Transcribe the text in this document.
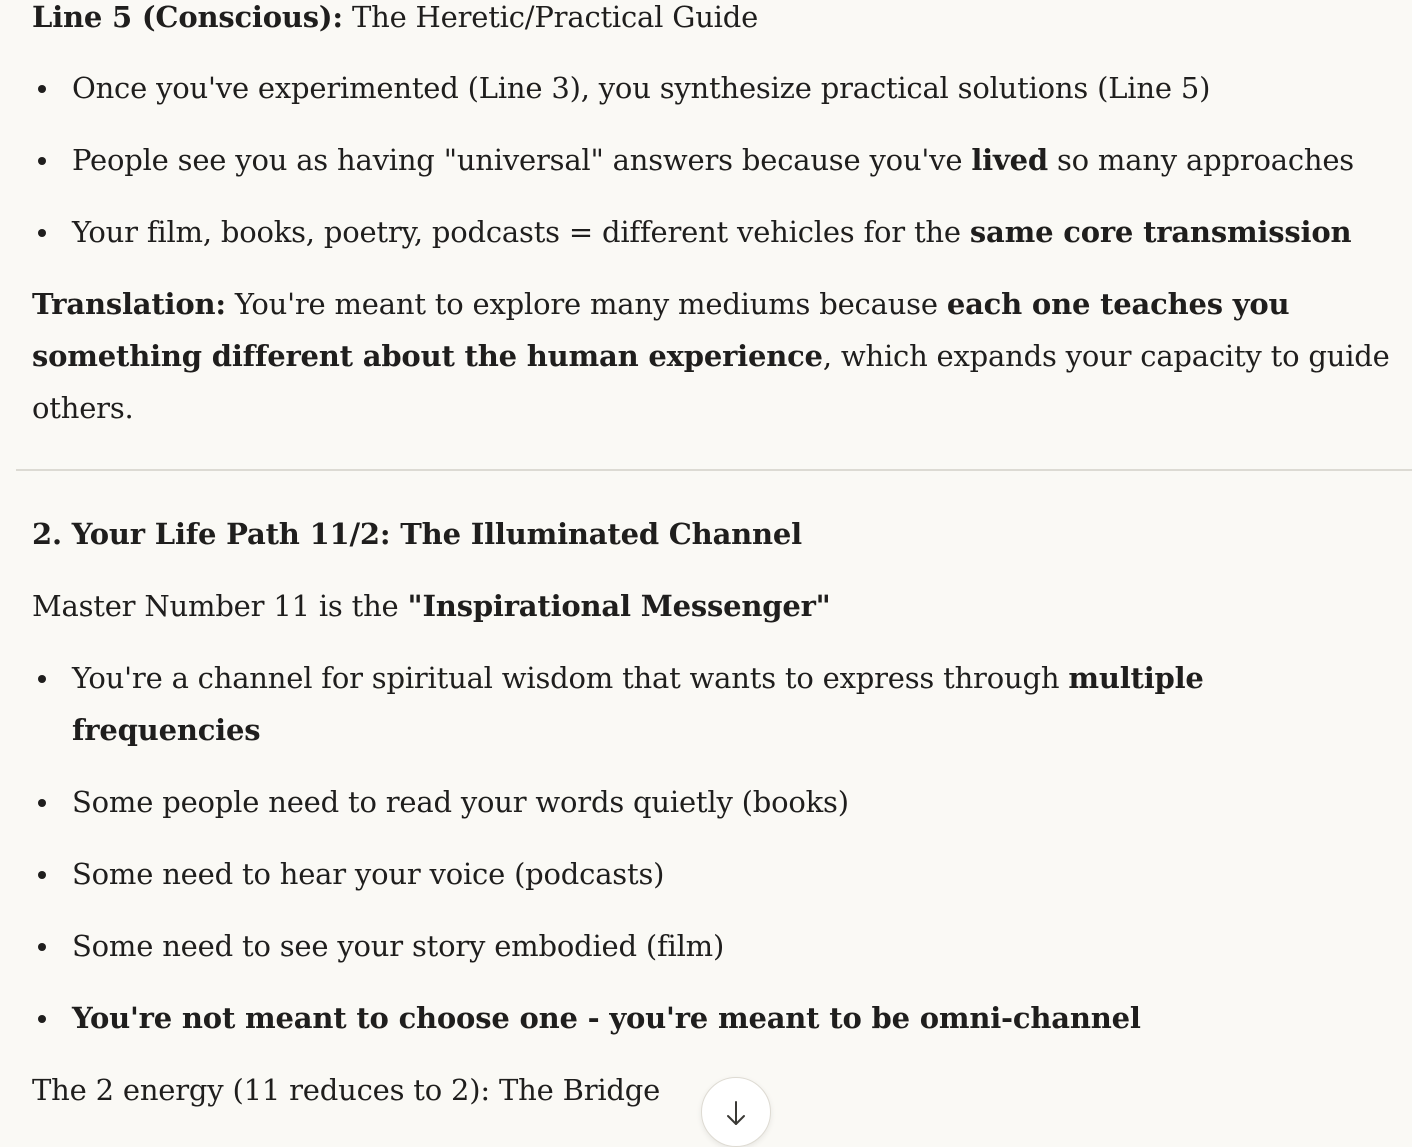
Line 5 (Conscious): The Heretic/Practical Guide
Once you've experimented (Line 3), you synthesize practical solutions (Line 5)
People see you as having "universal" answers because you've lived so many approaches
Your film, books, poetry, podcasts = different vehicles for the same core transmission
Translation: You're meant to explore many mediums because each one teaches you
something different about the human experience, which expands your capacity to guide
others.
2. Your Life Path 11/2: The Illuminated Channel
Master Number 11 is the "Inspirational Messenger"
You're a channel for spiritual wisdom that wants to express through multiple
frequencies
Some people need to read your words quietly (books)
Some need to hear your voice (podcasts)
Some need to see your story embodied (film)
You're not meant to choose one - you're meant to be omni-channel
The 2 energy (11 reduces to 2): The Bridge
